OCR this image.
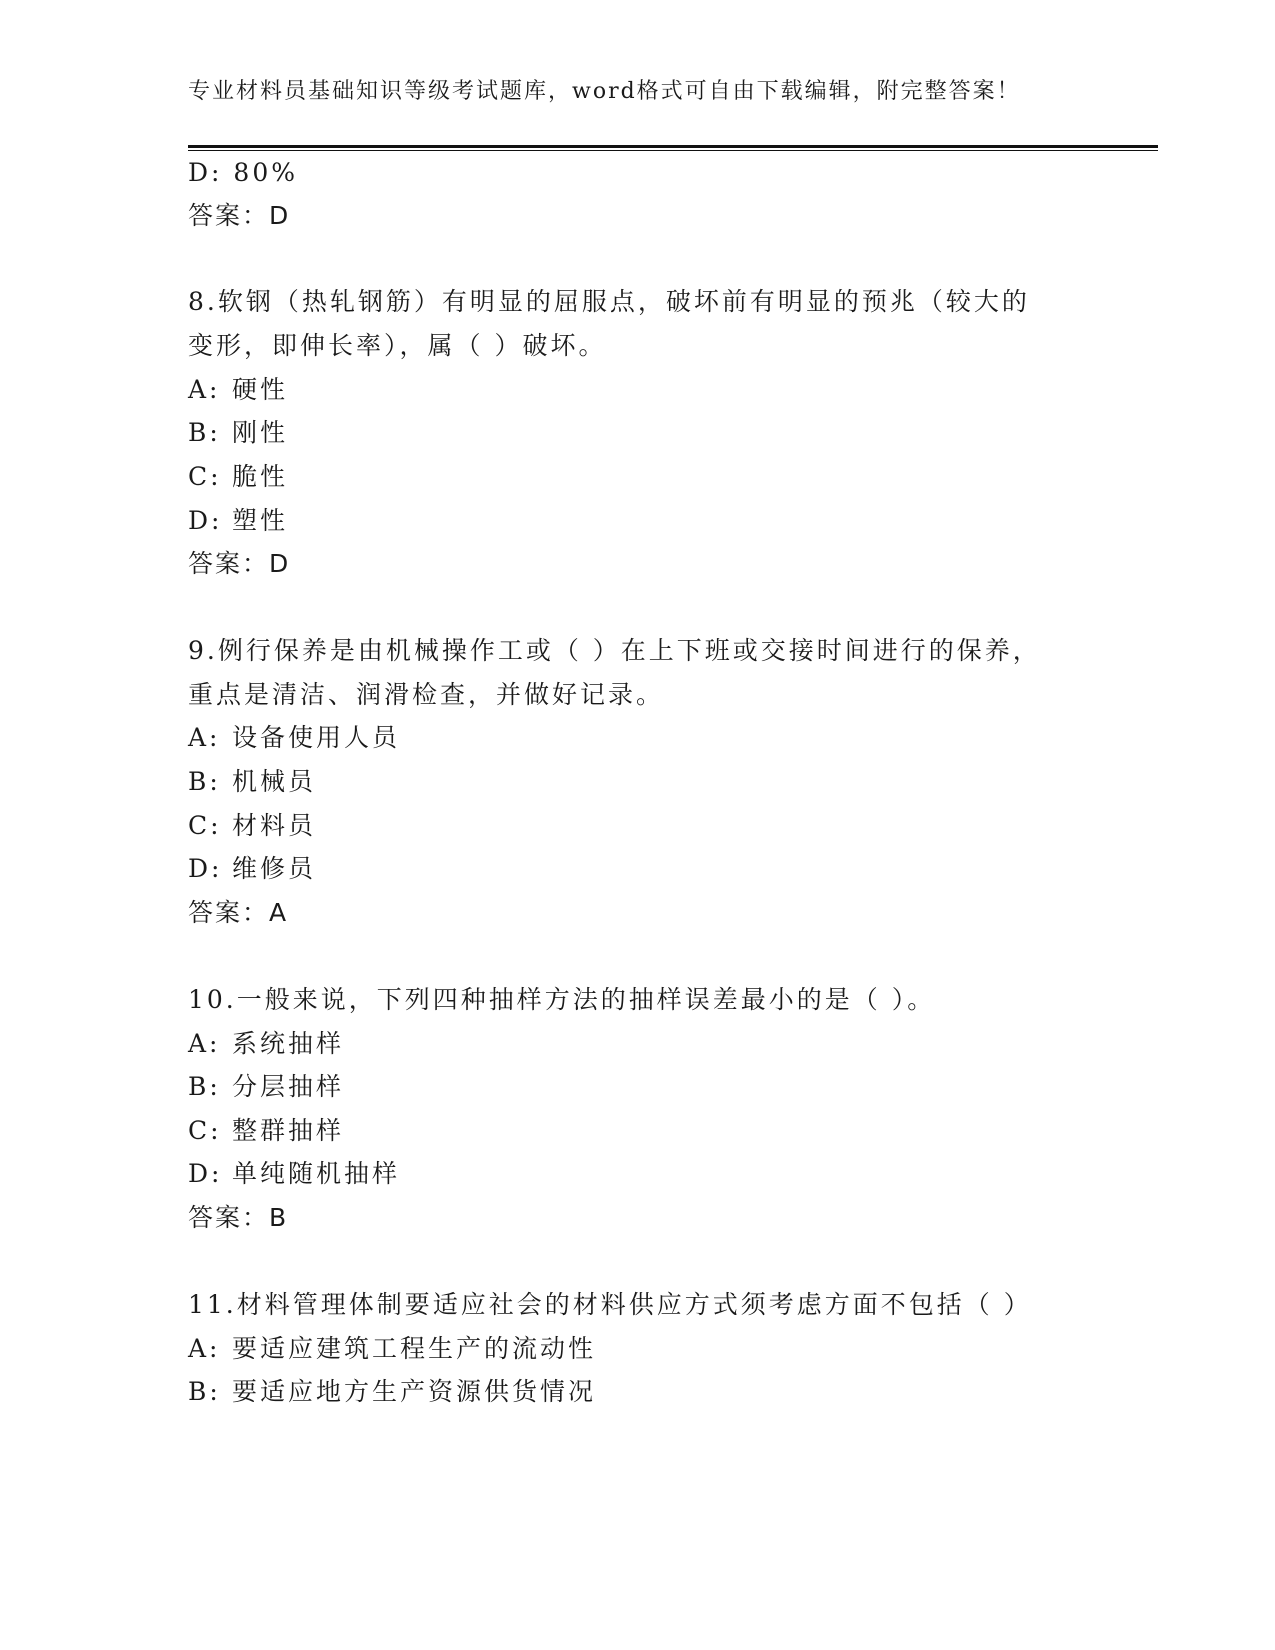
专业材料员基础知识等级考试题库，word格式可自由下载编辑，附完整答案！
D: 80%
答案：D
8.软钢（热轧钢筋）有明显的屈服点，破坏前有明显的预兆（较大的
变形，即伸长率），属（ ）破坏。
A: 硬性
B: 刚性
C: 脆性
D: 塑性
答案：D
9.例行保养是由机械操作工或（ ）在上下班或交接时间进行的保养，
重点是清洁、润滑检查，并做好记录。
A: 设备使用人员
B: 机械员
C: 材料员
D: 维修员
答案：A
10.一般来说，下列四种抽样方法的抽样误差最小的是（ ）。
A: 系统抽样
B: 分层抽样
C: 整群抽样
D: 单纯随机抽样
答案：B
11.材料管理体制要适应社会的材料供应方式须考虑方面不包括（ ）
A: 要适应建筑工程生产的流动性
B: 要适应地方生产资源供货情况
